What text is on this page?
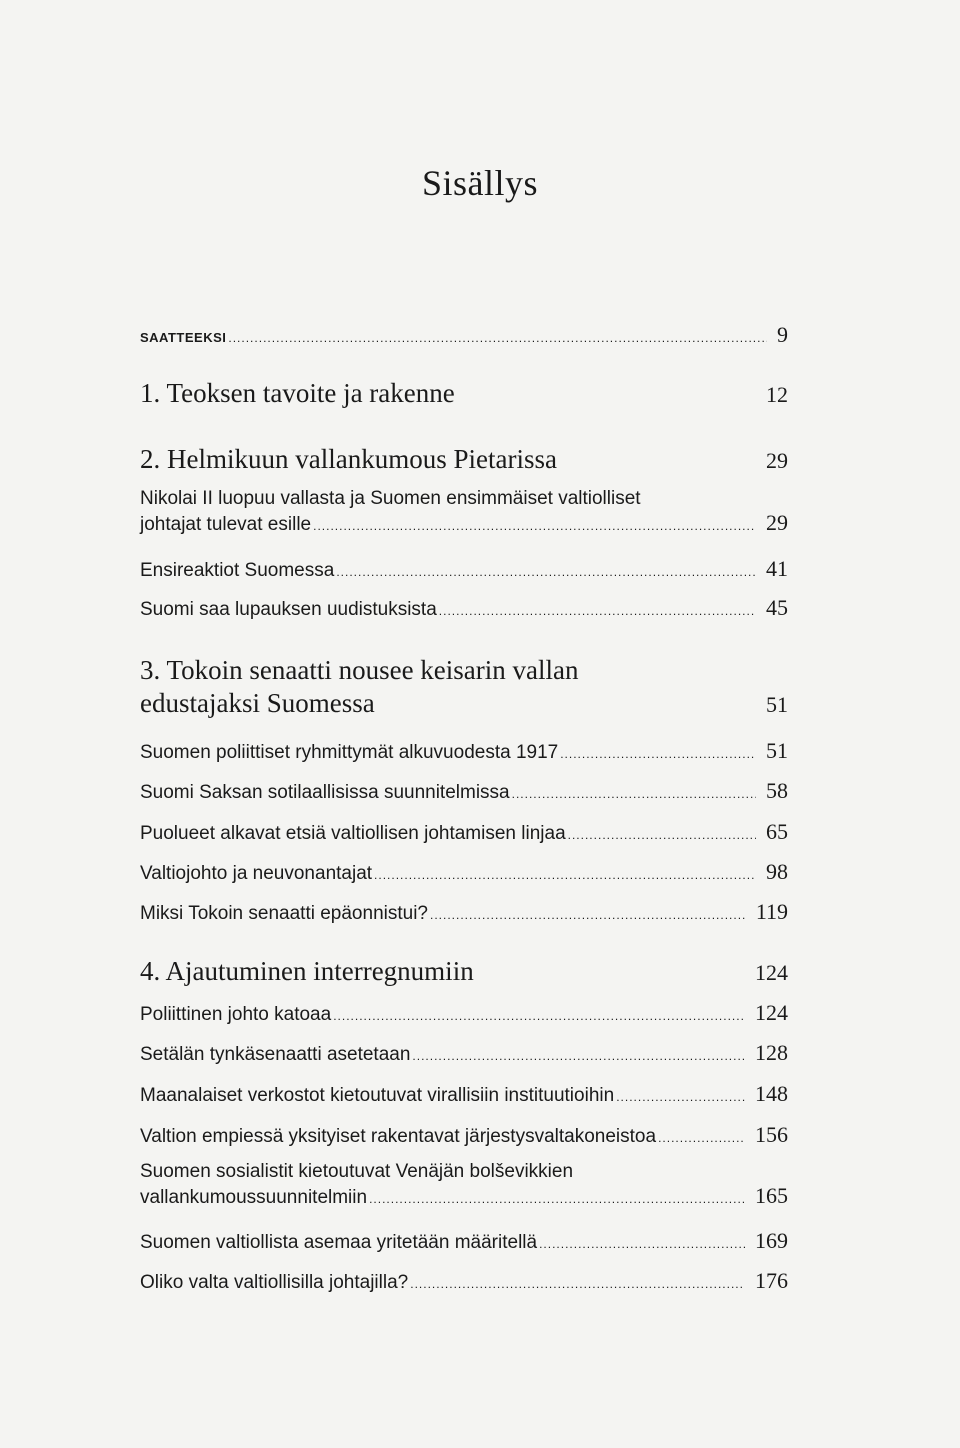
Sisällys
SAATTEEKSI .....	9
1. Teoksen tavoite ja rakenne	12
2. Helmikuun vallankumous Pietarissa	29
Nikolai II luopuu vallasta ja Suomen ensimmäiset valtiolliset
johtajat tulevat esille .....	29
Ensireaktiot Suomessa .....	41
Suomi saa lupauksen uudistuksista .....	45
3. Tokoin senaatti nousee keisarin vallan
edustajaksi Suomessa	51
Suomen poliittiset ryhmittymät alkuvuodesta 1917 .....	51
Suomi Saksan sotilaallisissa suunnitelmissa .....	58
Puolueet alkavat etsiä valtiollisen johtamisen linjaa .....	65
Valtiojohto ja neuvonantajat .....	98
Miksi Tokoin senaatti epäonnistui? .....	119
4. Ajautuminen interregnumiin	124
Poliittinen johto katoaa .....	124
Setälän tynkäsenaatti asetetaan .....	128
Maanalaiset verkostot kietoutuvat virallisiin instituutioihin .....	148
Valtion empiessä yksityiset rakentavat järjestysvaltakoneistoa .....	156
Suomen sosialistit kietoutuvat Venäjän bolševikkien
vallankumoussuunnitelmiin .....	165
Suomen valtiollista asemaa yritetään määritellä .....	169
Oliko valta valtiollisilla johtajilla? .....	176
